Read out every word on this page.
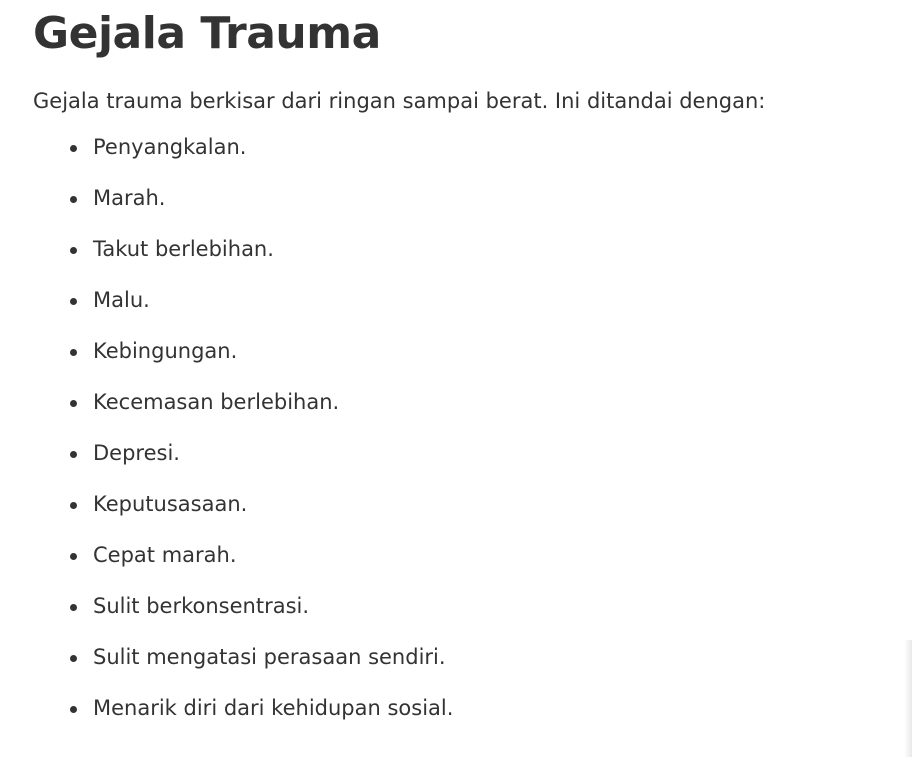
Gejala Trauma

Gejala trauma berkisar dari ringan sampai berat. Ini ditandai dengan:

Penyangkalan.
Marah.
Takut berlebihan.
Malu.
Kebingungan.
Kecemasan berlebihan.
Depresi.
Keputusasaan.
Cepat marah.
Sulit berkonsentrasi.
Sulit mengatasi perasaan sendiri.
Menarik diri dari kehidupan sosial.
